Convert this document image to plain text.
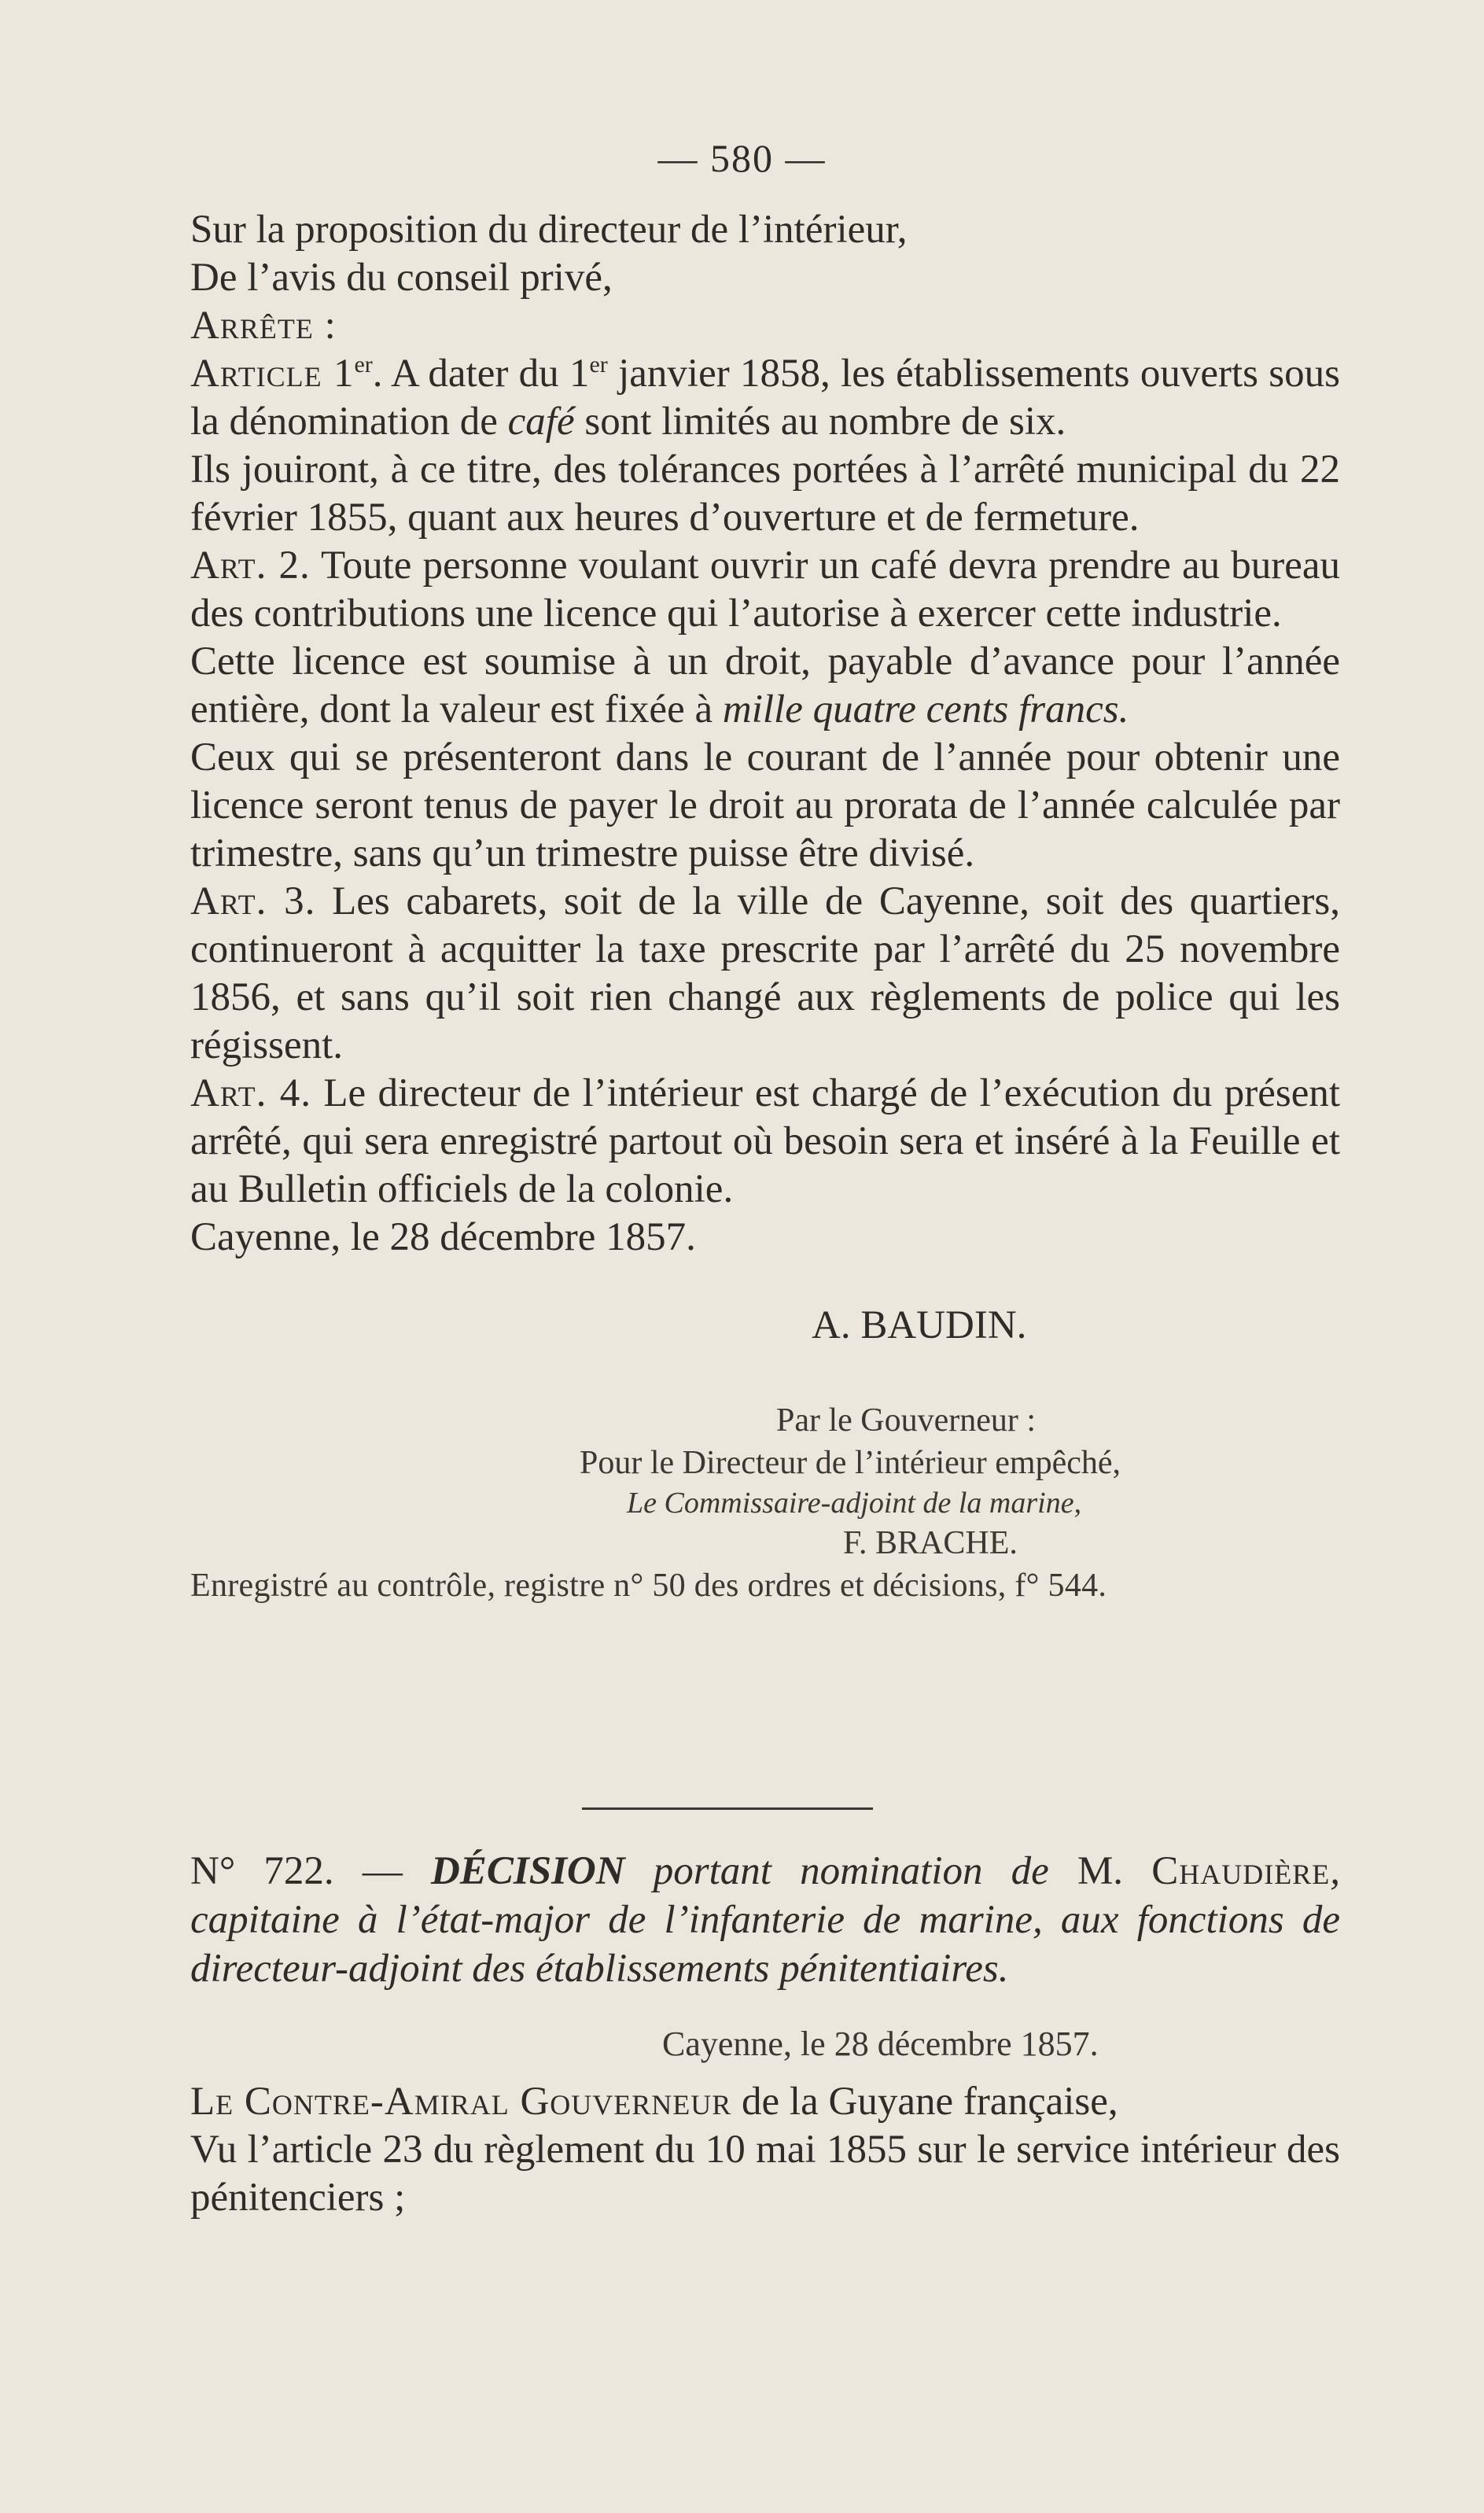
— 580 —

Sur la proposition du directeur de l’intérieur,

De l’avis du conseil privé,

Arrête :

Article 1er. A dater du 1er janvier 1858, les établissements ouverts sous la dénomination de café sont limités au nombre de six.

Ils jouiront, à ce titre, des tolérances portées à l’arrêté municipal du 22 février 1855, quant aux heures d’ouverture et de fermeture.

Art. 2. Toute personne voulant ouvrir un café devra prendre au bureau des contributions une licence qui l’autorise à exercer cette industrie.

Cette licence est soumise à un droit, payable d’avance pour l’année entière, dont la valeur est fixée à mille quatre cents francs.

Ceux qui se présenteront dans le courant de l’année pour obtenir une licence seront tenus de payer le droit au prorata de l’année calculée par trimestre, sans qu’un trimestre puisse être divisé.

Art. 3. Les cabarets, soit de la ville de Cayenne, soit des quartiers, continueront à acquitter la taxe prescrite par l’arrêté du 25 novembre 1856, et sans qu’il soit rien changé aux règlements de police qui les régissent.

Art. 4. Le directeur de l’intérieur est chargé de l’exécution du présent arrêté, qui sera enregistré partout où besoin sera et inséré à la Feuille et au Bulletin officiels de la colonie.

Cayenne, le 28 décembre 1857.

A. BAUDIN.

Par le Gouverneur :

Pour le Directeur de l’intérieur empêché,

Le Commissaire-adjoint de la marine,

F. BRACHE.

Enregistré au contrôle, registre n° 50 des ordres et décisions, f° 544.

N° 722. — DÉCISION portant nomination de M. Chaudière, capitaine à l’état-major de l’infanterie de marine, aux fonctions de directeur-adjoint des établissements pénitentiaires.

Cayenne, le 28 décembre 1857.

Le Contre-Amiral Gouverneur de la Guyane française,

Vu l’article 23 du règlement du 10 mai 1855 sur le service intérieur des pénitenciers ;
